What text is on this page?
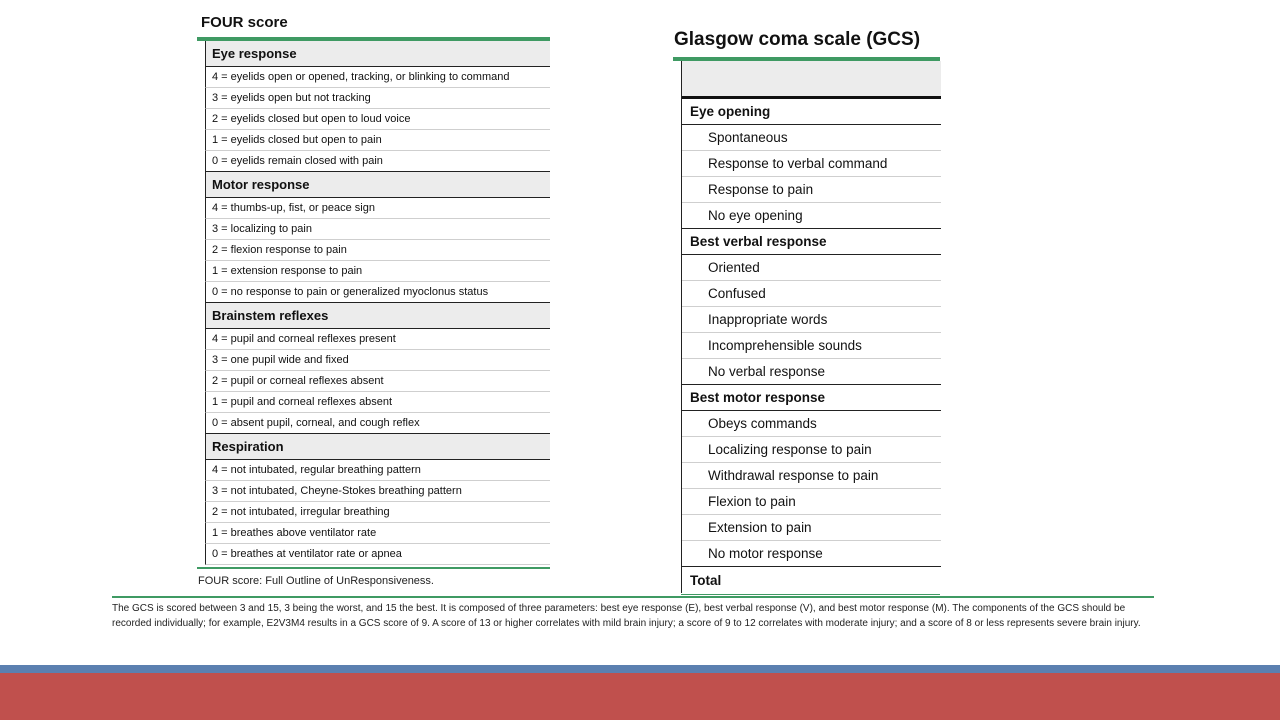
FOUR score
Eye response
4 = eyelids open or opened, tracking, or blinking to command
3 = eyelids open but not tracking
2 = eyelids closed but open to loud voice
1 = eyelids closed but open to pain
0 = eyelids remain closed with pain
Motor response
4 = thumbs-up, fist, or peace sign
3 = localizing to pain
2 = flexion response to pain
1 = extension response to pain
0 = no response to pain or generalized myoclonus status
Brainstem reflexes
4 = pupil and corneal reflexes present
3 = one pupil wide and fixed
2 = pupil or corneal reflexes absent
1 = pupil and corneal reflexes absent
0 = absent pupil, corneal, and cough reflex
Respiration
4 = not intubated, regular breathing pattern
3 = not intubated, Cheyne-Stokes breathing pattern
2 = not intubated, irregular breathing
1 = breathes above ventilator rate
0 = breathes at ventilator rate or apnea
FOUR score: Full Outline of UnResponsiveness.
Glasgow coma scale (GCS)
Eye opening
Spontaneous
Response to verbal command
Response to pain
No eye opening
Best verbal response
Oriented
Confused
Inappropriate words
Incomprehensible sounds
No verbal response
Best motor response
Obeys commands
Localizing response to pain
Withdrawal response to pain
Flexion to pain
Extension to pain
No motor response
Total
The GCS is scored between 3 and 15, 3 being the worst, and 15 the best. It is composed of three parameters: best eye response (E), best verbal response (V), and best motor response (M). The components of the GCS should be recorded individually; for example, E2V3M4 results in a GCS score of 9. A score of 13 or higher correlates with mild brain injury; a score of 9 to 12 correlates with moderate injury; and a score of 8 or less represents severe brain injury.
